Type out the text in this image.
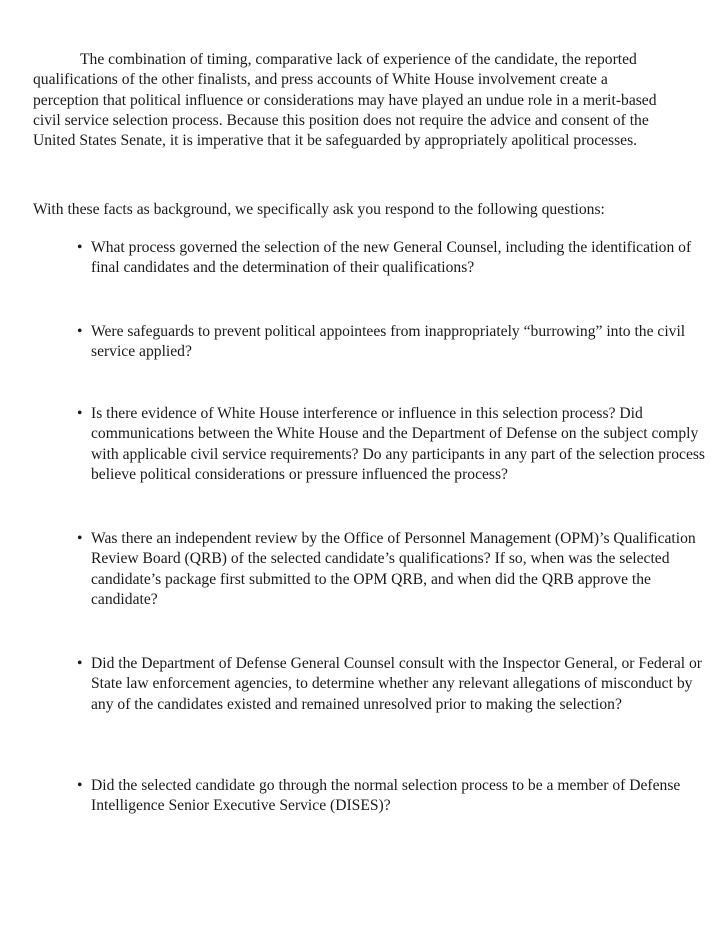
The combination of timing, comparative lack of experience of the candidate, the reported qualifications of the other finalists, and press accounts of White House involvement create a perception that political influence or considerations may have played an undue role in a merit-based civil service selection process. Because this position does not require the advice and consent of the United States Senate, it is imperative that it be safeguarded by appropriately apolitical processes.

With these facts as background, we specifically ask you respond to the following questions:

• What process governed the selection of the new General Counsel, including the identification of final candidates and the determination of their qualifications?
• Were safeguards to prevent political appointees from inappropriately “burrowing” into the civil service applied?
• Is there evidence of White House interference or influence in this selection process? Did communications between the White House and the Department of Defense on the subject comply with applicable civil service requirements? Do any participants in any part of the selection process believe political considerations or pressure influenced the process?
• Was there an independent review by the Office of Personnel Management (OPM)’s Qualification Review Board (QRB) of the selected candidate’s qualifications? If so, when was the selected candidate’s package first submitted to the OPM QRB, and when did the QRB approve the candidate?
• Did the Department of Defense General Counsel consult with the Inspector General, or Federal or State law enforcement agencies, to determine whether any relevant allegations of misconduct by any of the candidates existed and remained unresolved prior to making the selection?
• Did the selected candidate go through the normal selection process to be a member of Defense Intelligence Senior Executive Service (DISES)?
